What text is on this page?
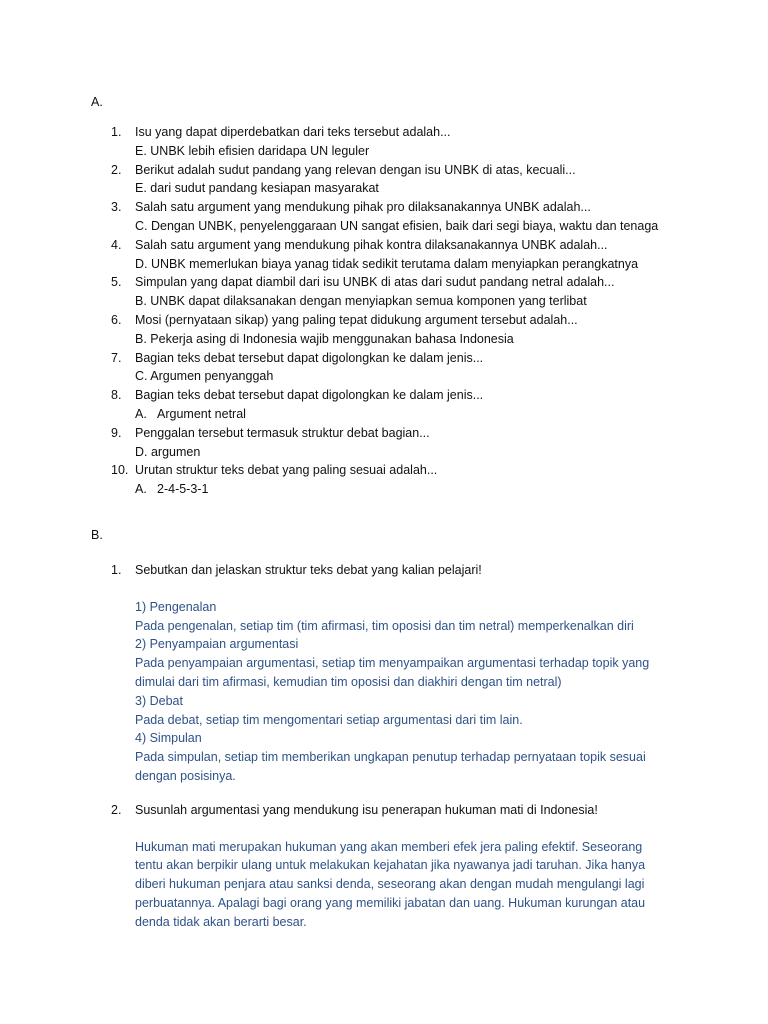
A.
1.	Isu yang dapat diperdebatkan dari teks tersebut adalah...
E. UNBK lebih efisien daridapa UN leguler
2.	Berikut adalah sudut pandang yang relevan dengan isu UNBK di atas, kecuali...
E. dari sudut pandang kesiapan masyarakat
3.	Salah satu argument yang mendukung pihak pro dilaksanakannya UNBK adalah...
C. Dengan UNBK, penyelenggaraan UN sangat efisien, baik dari segi biaya, waktu dan tenaga
4.	Salah satu argument yang mendukung pihak kontra dilaksanakannya UNBK adalah...
D. UNBK memerlukan biaya yanag tidak sedikit terutama dalam menyiapkan perangkatnya
5.	Simpulan yang dapat diambil dari isu UNBK di atas dari sudut pandang netral adalah...
B. UNBK dapat dilaksanakan dengan menyiapkan semua komponen yang terlibat
6.	Mosi (pernyataan sikap) yang paling tepat didukung argument tersebut adalah...
B. Pekerja asing di Indonesia wajib menggunakan bahasa Indonesia
7.	Bagian teks debat tersebut dapat digolongkan ke dalam jenis...
C. Argumen penyanggah
8.	Bagian teks debat tersebut dapat digolongkan ke dalam jenis...
A. Argument netral
9.	Penggalan tersebut termasuk struktur debat bagian...
D. argumen
10. Urutan struktur teks debat yang paling sesuai adalah...
A. 2-4-5-3-1
B.
1. Sebutkan dan jelaskan struktur teks debat yang kalian pelajari!

1) Pengenalan

Pada pengenalan, setiap tim (tim afirmasi, tim oposisi dan tim netral) memperkenalkan diri

2) Penyampaian argumentasi

Pada penyampaian argumentasi, setiap tim menyampaikan argumentasi terhadap topik yang

dimulai dari tim afirmasi, kemudian tim oposisi dan diakhiri dengan tim netral)

3) Debat

Pada debat, setiap tim mengomentari setiap argumentasi dari tim lain.

4) Simpulan

Pada simpulan, setiap tim memberikan ungkapan penutup terhadap pernyataan topik sesuai

dengan posisinya.

2. Susunlah argumentasi yang mendukung isu penerapan hukuman mati di Indonesia!

Hukuman mati merupakan hukuman yang akan memberi efek jera paling efektif. Seseorang

tentu akan berpikir ulang untuk melakukan kejahatan jika nyawanya jadi taruhan. Jika hanya

diberi hukuman penjara atau sanksi denda, seseorang akan dengan mudah mengulangi lagi

perbuatannya. Apalagi bagi orang yang memiliki jabatan dan uang. Hukuman kurungan atau

denda tidak akan berarti besar.
